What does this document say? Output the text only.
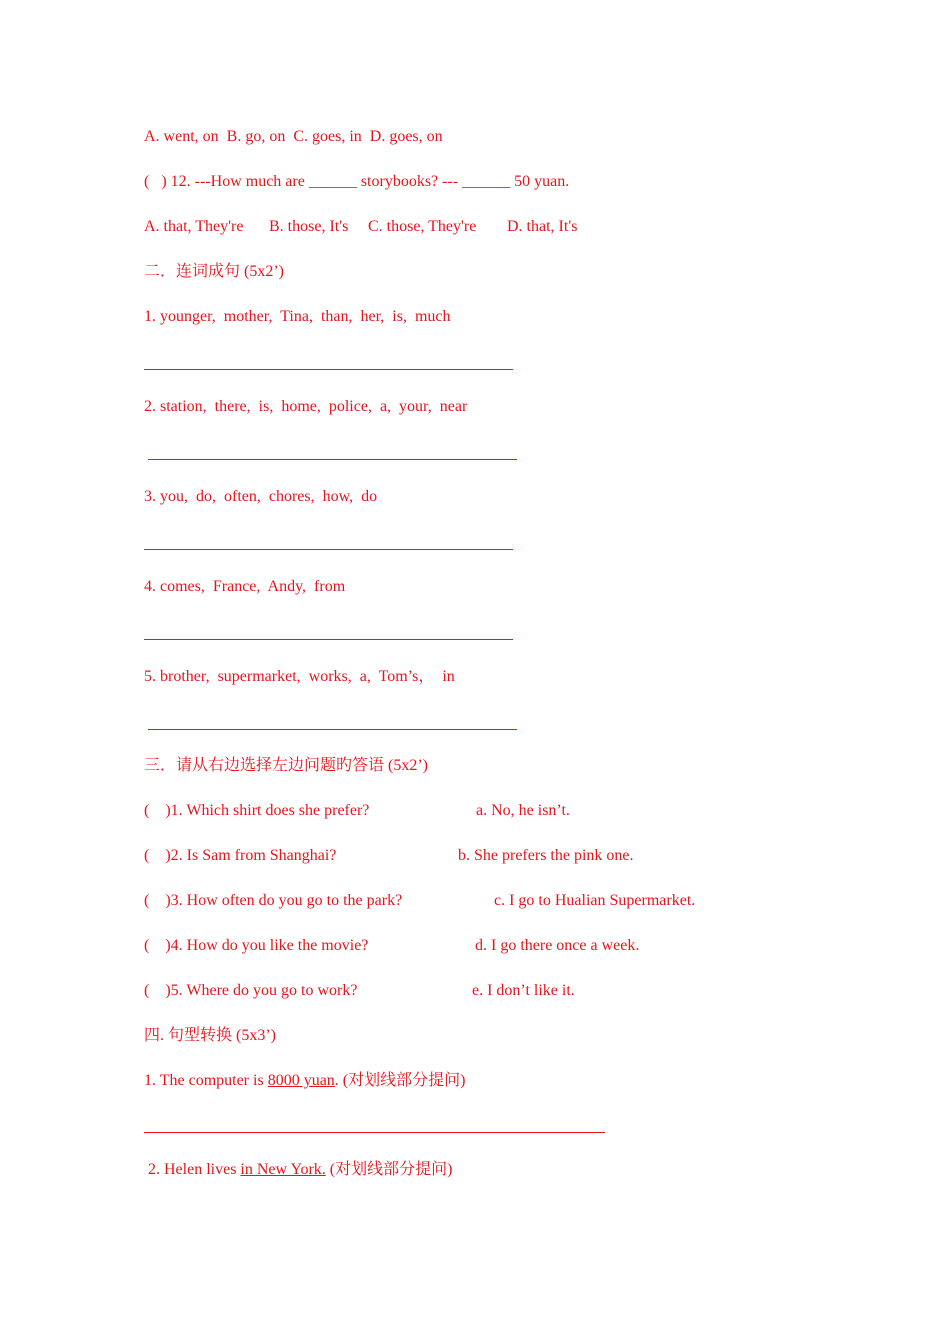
A. went, on  B. go, on  C. goes, in  D. goes, on
(   ) 12. ---How much are ______ storybooks? --- ______ 50 yuan.
A. that, They're B. those, It's C. those, They're D. that, It's
二．连词成句 (5x2’)
1. younger,  mother,  Tina,  than,  her,  is,  much
2. station,  there,  is,  home,  police,  a,  your,  near
3. you,  do,  often,  chores,  how,  do
4. comes,  France,  Andy,  from
5. brother,  supermarket,  works,  a,  Tom’s，  in
三．请从右边选择左边问题旳答语 (5x2’)
(    )1. Which shirt does she prefer?	a. No, he isn’t.
(    )2. Is Sam from Shanghai?	b. She prefers the pink one.
(    )3. How often do you go to the park?	c. I go to Hualian Supermarket.
(    )4. How do you like the movie?	d. I go there once a week.
(    )5. Where do you go to work?	e. I don’t like it.
四. 句型转换 (5x3’)
1. The computer is 8000 yuan. (对划线部分提问)
2. Helen lives in New York. (对划线部分提问)
